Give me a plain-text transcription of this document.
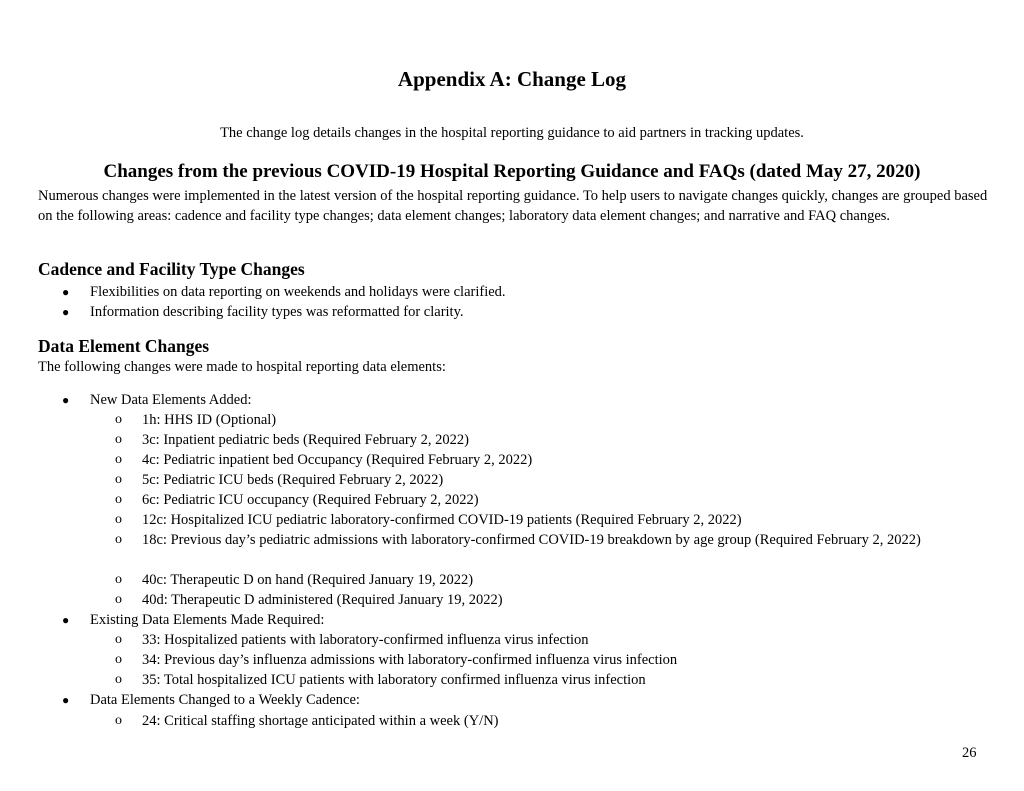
Appendix A: Change Log
The change log details changes in the hospital reporting guidance to aid partners in tracking updates.
Changes from the previous COVID-19 Hospital Reporting Guidance and FAQs (dated May 27, 2020)
Numerous changes were implemented in the latest version of the hospital reporting guidance. To help users to navigate changes quickly, changes are grouped based on the following areas: cadence and facility type changes; data element changes; laboratory data element changes; and narrative and FAQ changes.
Cadence and Facility Type Changes
● Flexibilities on data reporting on weekends and holidays were clarified.
● Information describing facility types was reformatted for clarity.
Data Element Changes
The following changes were made to hospital reporting data elements:
● New Data Elements Added:
o 1h: HHS ID (Optional)
o 3c: Inpatient pediatric beds (Required February 2, 2022)
o 4c: Pediatric inpatient bed Occupancy (Required February 2, 2022)
o 5c: Pediatric ICU beds (Required February 2, 2022)
o 6c: Pediatric ICU occupancy (Required February 2, 2022)
o 12c: Hospitalized ICU pediatric laboratory-confirmed COVID-19 patients (Required February 2, 2022)
o 18c: Previous day’s pediatric admissions with laboratory-confirmed COVID-19 breakdown by age group (Required February 2, 2022)
o 40c: Therapeutic D on hand (Required January 19, 2022)
o 40d: Therapeutic D administered (Required January 19, 2022)
● Existing Data Elements Made Required:
o 33: Hospitalized patients with laboratory-confirmed influenza virus infection
o 34: Previous day’s influenza admissions with laboratory-confirmed influenza virus infection
o 35: Total hospitalized ICU patients with laboratory confirmed influenza virus infection
● Data Elements Changed to a Weekly Cadence:
o 24: Critical staffing shortage anticipated within a week (Y/N)
26
